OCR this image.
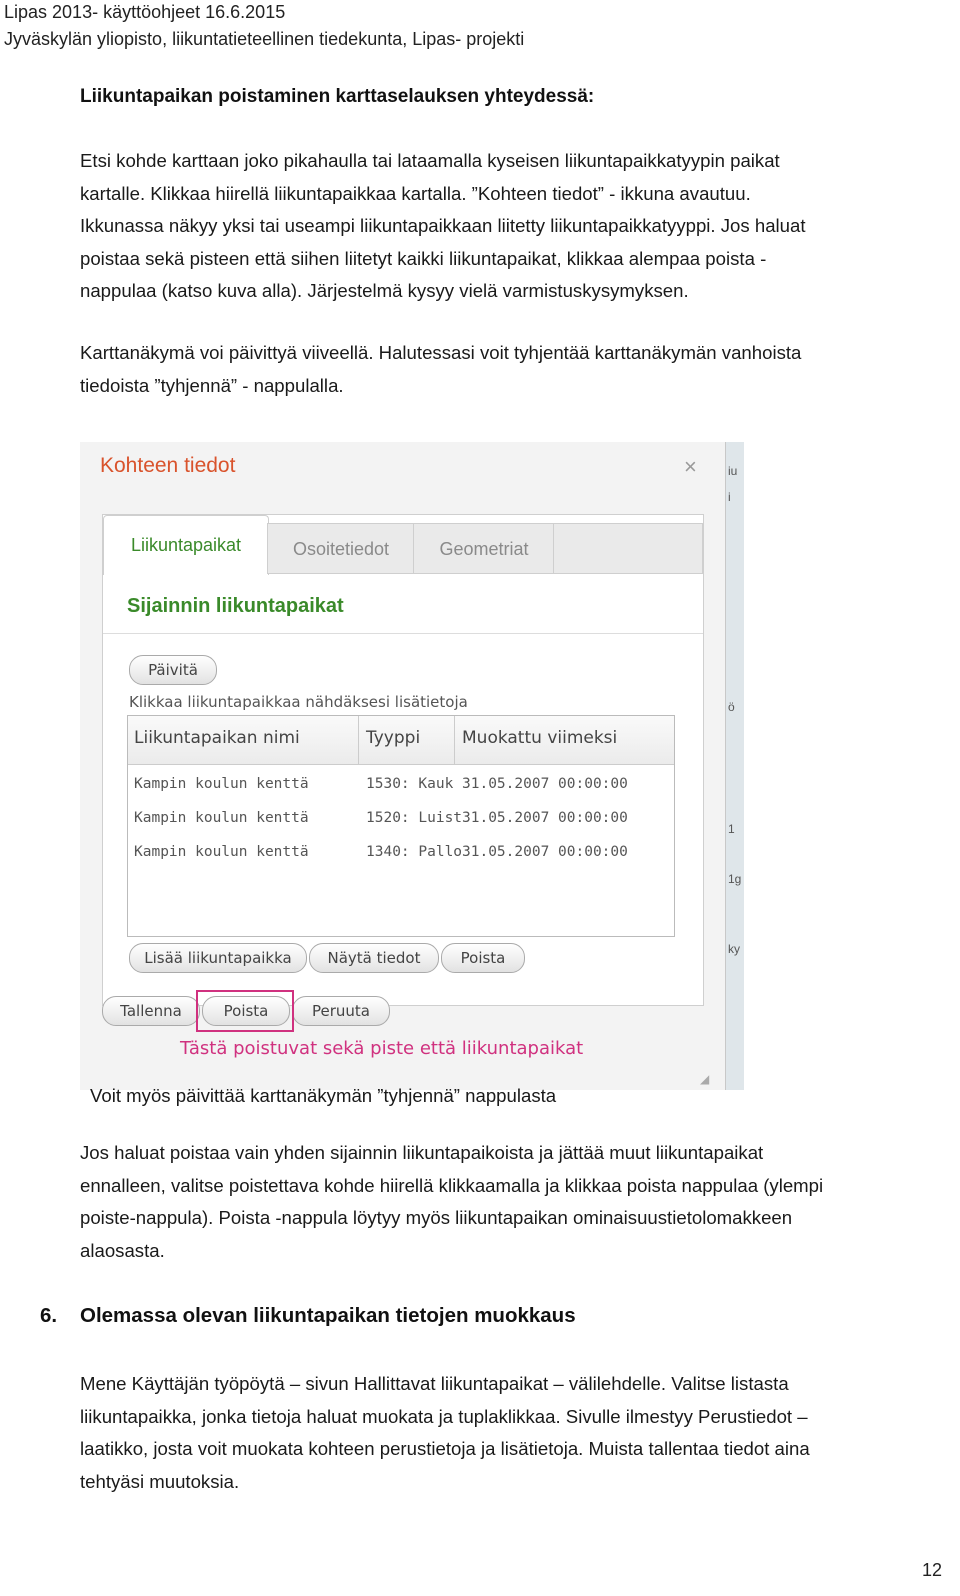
Lipas 2013- käyttöohjeet 16.6.2015
Jyväskylän yliopisto, liikuntatieteellinen tiedekunta, Lipas- projekti
Liikuntapaikan poistaminen karttaselauksen yhteydessä:
Etsi kohde karttaan joko pikahaulla tai lataamalla kyseisen liikuntapaikkatyypin paikat
kartalle. Klikkaa hiirellä liikuntapaikkaa kartalla. ”Kohteen tiedot” - ikkuna avautuu.
Ikkunassa näkyy yksi tai useampi liikuntapaikkaan liitetty liikuntapaikkatyyppi. Jos haluat
poistaa sekä pisteen että siihen liitetyt kaikki liikuntapaikat, klikkaa alempaa poista -
nappulaa (katso kuva alla). Järjestelmä kysyy vielä varmistuskysymyksen.
Karttanäkymä voi päivittyä viiveellä. Halutessasi voit tyhjentää karttanäkymän vanhoista
tiedoista ”tyhjennä” - nappulalla.
iu
i
ö
1
1g
ky
Kohteen tiedot	×
Liikuntapaikat	Osoitetiedot	Geometriat
Sijainnin liikuntapaikat
Päivitä
Klikkaa liikuntapaikkaa nähdäksesi lisätietoja
Liikuntapaikan nimi	Tyyppi Muokattu viimeksi
Kampin koulun kenttä	1530: Kauk 31.05.2007 00:00:00
Kampin koulun kenttä	1520: Luist 31.05.2007 00:00:00
Kampin koulun kenttä	1340: Pallo 31.05.2007 00:00:00
Lisää liikuntapaikka	Näytä tiedot	Poista
Tallenna	Poista	Peruuta
Tästä poistuvat sekä piste että liikuntapaikat
◢
Voit myös päivittää karttanäkymän ”tyhjennä” nappulasta
Jos haluat poistaa vain yhden sijainnin liikuntapaikoista ja jättää muut liikuntapaikat
ennalleen, valitse poistettava kohde hiirellä klikkaamalla ja klikkaa poista nappulaa (ylempi
poiste-nappula). Poista -nappula löytyy myös liikuntapaikan ominaisuustietolomakkeen
alaosasta.
6. Olemassa olevan liikuntapaikan tietojen muokkaus
Mene Käyttäjän työpöytä – sivun Hallittavat liikuntapaikat – välilehdelle. Valitse listasta
liikuntapaikka, jonka tietoja haluat muokata ja tuplaklikkaa. Sivulle ilmestyy Perustiedot –
laatikko, josta voit muokata kohteen perustietoja ja lisätietoja. Muista tallentaa tiedot aina
tehtyäsi muutoksia.
12
